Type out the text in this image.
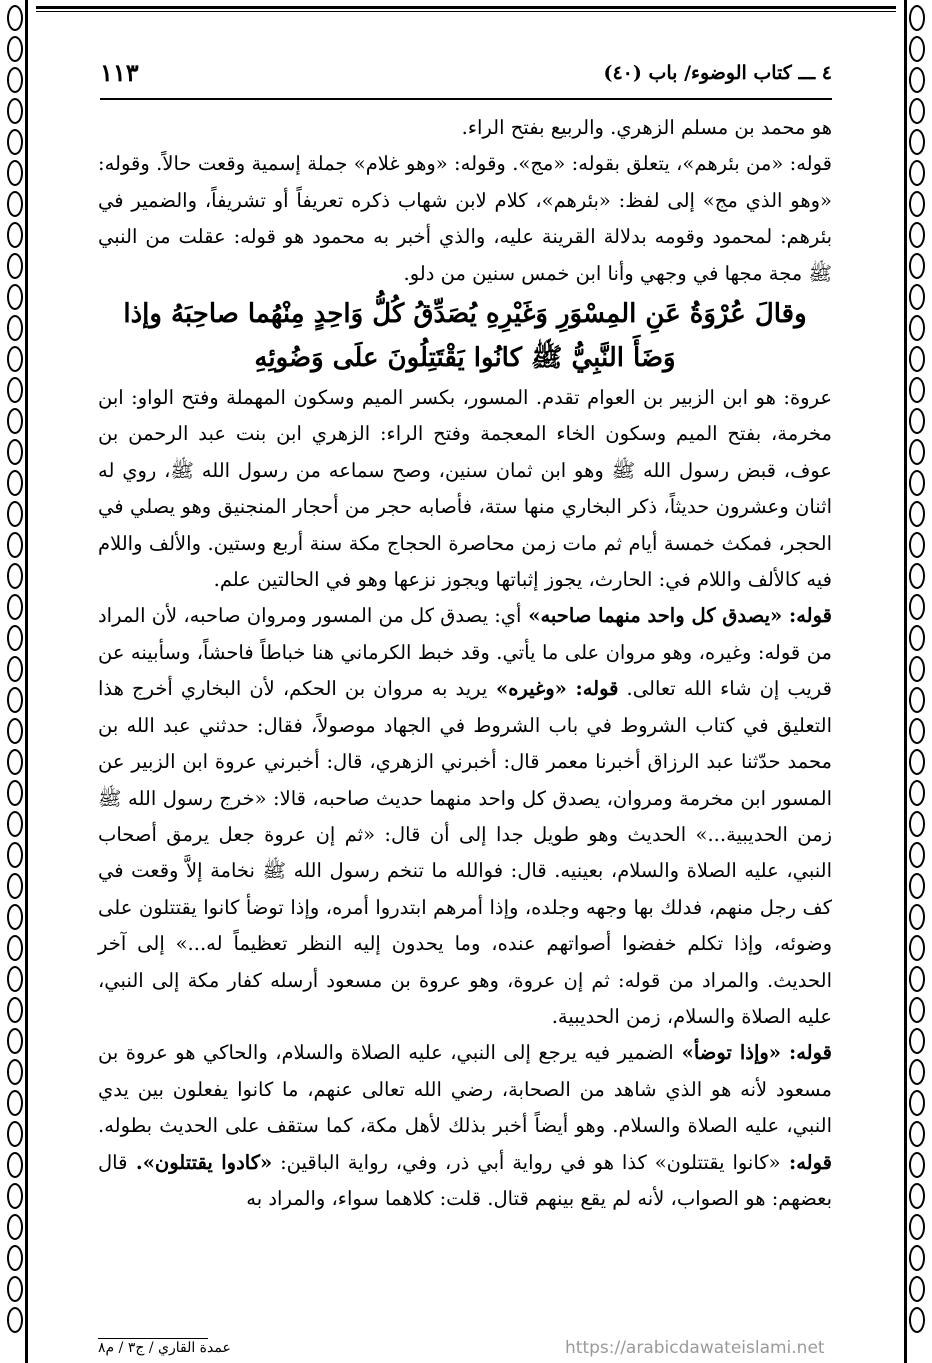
١١٣	٤ ـــ كتاب الوضوء/ باب (٤٠)

هو محمد بن مسلم الزهري. والربيع بفتح الراء.

قوله: «من بئرهم»، يتعلق بقوله: «مج». وقوله: «وهو غلام» جملة إسمية وقعت حالاً. وقوله: «وهو الذي مج» إلى لفظ: «بئرهم»، كلام لابن شهاب ذكره تعريفاً أو تشريفاً، والضمير في بئرهم: لمحمود وقومه بدلالة القرينة عليه، والذي أخبر به محمود هو قوله: عقلت من النبي ﷺ مجة مجها في وجهي وأنا ابن خمس سنين من دلو.

وقالَ عُرْوَةُ عَنِ المِسْوَرِ وَغَيْرِهِ يُصَدِّقُ كُلُّ وَاحِدٍ مِنْهُما صاحِبَهُ وإذا وَضَأَ النَّبِيُّ ﷺ كانُوا يَقْتَتِلُونَ علَى وَضُوئِهِ

عروة: هو ابن الزبير بن العوام تقدم. المسور، بكسر الميم وسكون المهملة وفتح الواو: ابن مخرمة، بفتح الميم وسكون الخاء المعجمة وفتح الراء: الزهري ابن بنت عبد الرحمن بن عوف، قبض رسول الله ﷺ وهو ابن ثمان سنين، وصح سماعه من رسول الله ﷺ، روي له اثنان وعشرون حديثاً، ذكر البخاري منها ستة، فأصابه حجر من أحجار المنجنيق وهو يصلي في الحجر، فمكث خمسة أيام ثم مات زمن محاصرة الحجاج مكة سنة أربع وستين. والألف واللام فيه كالألف واللام في: الحارث، يجوز إثباتها ويجوز نزعها وهو في الحالتين علم.

قوله: «يصدق كل واحد منهما صاحبه» أي: يصدق كل من المسور ومروان صاحبه، لأن المراد من قوله: وغيره، وهو مروان على ما يأتي. وقد خبط الكرماني هنا خباطاً فاحشاً، وسأبينه عن قريب إن شاء الله تعالى. قوله: «وغيره» يريد به مروان بن الحكم، لأن البخاري أخرج هذا التعليق في كتاب الشروط في باب الشروط في الجهاد موصولاً، فقال: حدثني عبد الله بن محمد حدّثنا عبد الرزاق أخبرنا معمر قال: أخبرني الزهري، قال: أخبرني عروة ابن الزبير عن المسور ابن مخرمة ومروان، يصدق كل واحد منهما حديث صاحبه، قالا: «خرج رسول الله ﷺ زمن الحديبية...» الحديث وهو طويل جدا إلى أن قال: «ثم إن عروة جعل يرمق أصحاب النبي، عليه الصلاة والسلام، بعينيه. قال: فوالله ما تنخم رسول الله ﷺ نخامة إلاَّ وقعت في كف رجل منهم، فدلك بها وجهه وجلده، وإذا أمرهم ابتدروا أمره، وإذا توضأ كانوا يقتتلون على وضوئه، وإذا تكلم خفضوا أصواتهم عنده، وما يحدون إليه النظر تعظيماً له...» إلى آخر الحديث. والمراد من قوله: ثم إن عروة، وهو عروة بن مسعود أرسله كفار مكة إلى النبي، عليه الصلاة والسلام، زمن الحديبية.

قوله: «وإذا توضأ» الضمير فيه يرجع إلى النبي، عليه الصلاة والسلام، والحاكي هو عروة بن مسعود لأنه هو الذي شاهد من الصحابة، رضي الله تعالى عنهم، ما كانوا يفعلون بين يدي النبي، عليه الصلاة والسلام. وهو أيضاً أخبر بذلك لأهل مكة، كما ستقف على الحديث بطوله. قوله: «كانوا يقتتلون» كذا هو في رواية أبي ذر، وفي، رواية الباقين: «كادوا يقتتلون». قال بعضهم: هو الصواب، لأنه لم يقع بينهم قتال. قلت: كلاهما سواء، والمراد به

عمدة القاري / ج٣ / م٨	https://arabicdawateislami.net
